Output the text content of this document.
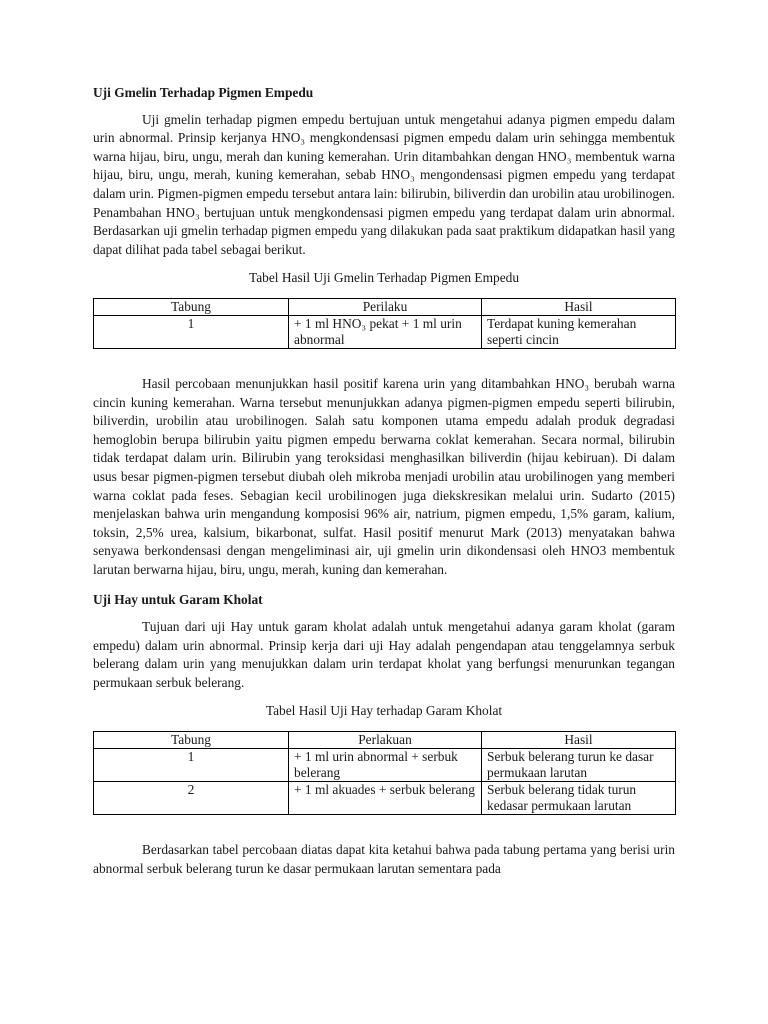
Uji Gmelin Terhadap Pigmen Empedu

Uji gmelin terhadap pigmen empedu bertujuan untuk mengetahui adanya pigmen empedu dalam urin abnormal. Prinsip kerjanya HNO₃ mengkondensasi pigmen empedu dalam urin sehingga membentuk warna hijau, biru, ungu, merah dan kuning kemerahan. Urin ditambahkan dengan HNO₃ membentuk warna hijau, biru, ungu, merah, kuning kemerahan, sebab HNO₃ mengondensasi pigmen empedu yang terdapat dalam urin. Pigmen-pigmen empedu tersebut antara lain: bilirubin, biliverdin dan urobilin atau urobilinogen. Penambahan HNO₃ bertujuan untuk mengkondensasi pigmen empedu yang terdapat dalam urin abnormal. Berdasarkan uji gmelin terhadap pigmen empedu yang dilakukan pada saat praktikum didapatkan hasil yang dapat dilihat pada tabel sebagai berikut.

Tabel Hasil Uji Gmelin Terhadap Pigmen Empedu

Tabung	Perilaku	Hasil
1	+ 1 ml HNO₃ pekat + 1 ml urin abnormal	Terdapat kuning kemerahan seperti cincin

Hasil percobaan menunjukkan hasil positif karena urin yang ditambahkan HNO₃ berubah warna cincin kuning kemerahan. Warna tersebut menunjukkan adanya pigmen-pigmen empedu seperti bilirubin, biliverdin, urobilin atau urobilinogen. Salah satu komponen utama empedu adalah produk degradasi hemoglobin berupa bilirubin yaitu pigmen empedu berwarna coklat kemerahan. Secara normal, bilirubin tidak terdapat dalam urin. Bilirubin yang teroksidasi menghasilkan biliverdin (hijau kebiruan). Di dalam usus besar pigmen-pigmen tersebut diubah oleh mikroba menjadi urobilin atau urobilinogen yang memberi warna coklat pada feses. Sebagian kecil urobilinogen juga diekskresikan melalui urin. Sudarto (2015) menjelaskan bahwa urin mengandung komposisi 96% air, natrium, pigmen empedu, 1,5% garam, kalium, toksin, 2,5% urea, kalsium, bikarbonat, sulfat. Hasil positif menurut Mark (2013) menyatakan bahwa senyawa berkondensasi dengan mengeliminasi air, uji gmelin urin dikondensasi oleh HNO3 membentuk larutan berwarna hijau, biru, ungu, merah, kuning dan kemerahan.

Uji Hay untuk Garam Kholat

Tujuan dari uji Hay untuk garam kholat adalah untuk mengetahui adanya garam kholat (garam empedu) dalam urin abnormal. Prinsip kerja dari uji Hay adalah pengendapan atau tenggelamnya serbuk belerang dalam urin yang menujukkan dalam urin terdapat kholat yang berfungsi menurunkan tegangan permukaan serbuk belerang.

Tabel Hasil Uji Hay terhadap Garam Kholat

Tabung	Perlakuan	Hasil
1	+ 1 ml urin abnormal + serbuk belerang	Serbuk belerang turun ke dasar permukaan larutan
2	+ 1 ml akuades + serbuk belerang	Serbuk belerang tidak turun kedasar permukaan larutan

Berdasarkan tabel percobaan diatas dapat kita ketahui bahwa pada tabung pertama yang berisi urin abnormal serbuk belerang turun ke dasar permukaan larutan sementara pada
